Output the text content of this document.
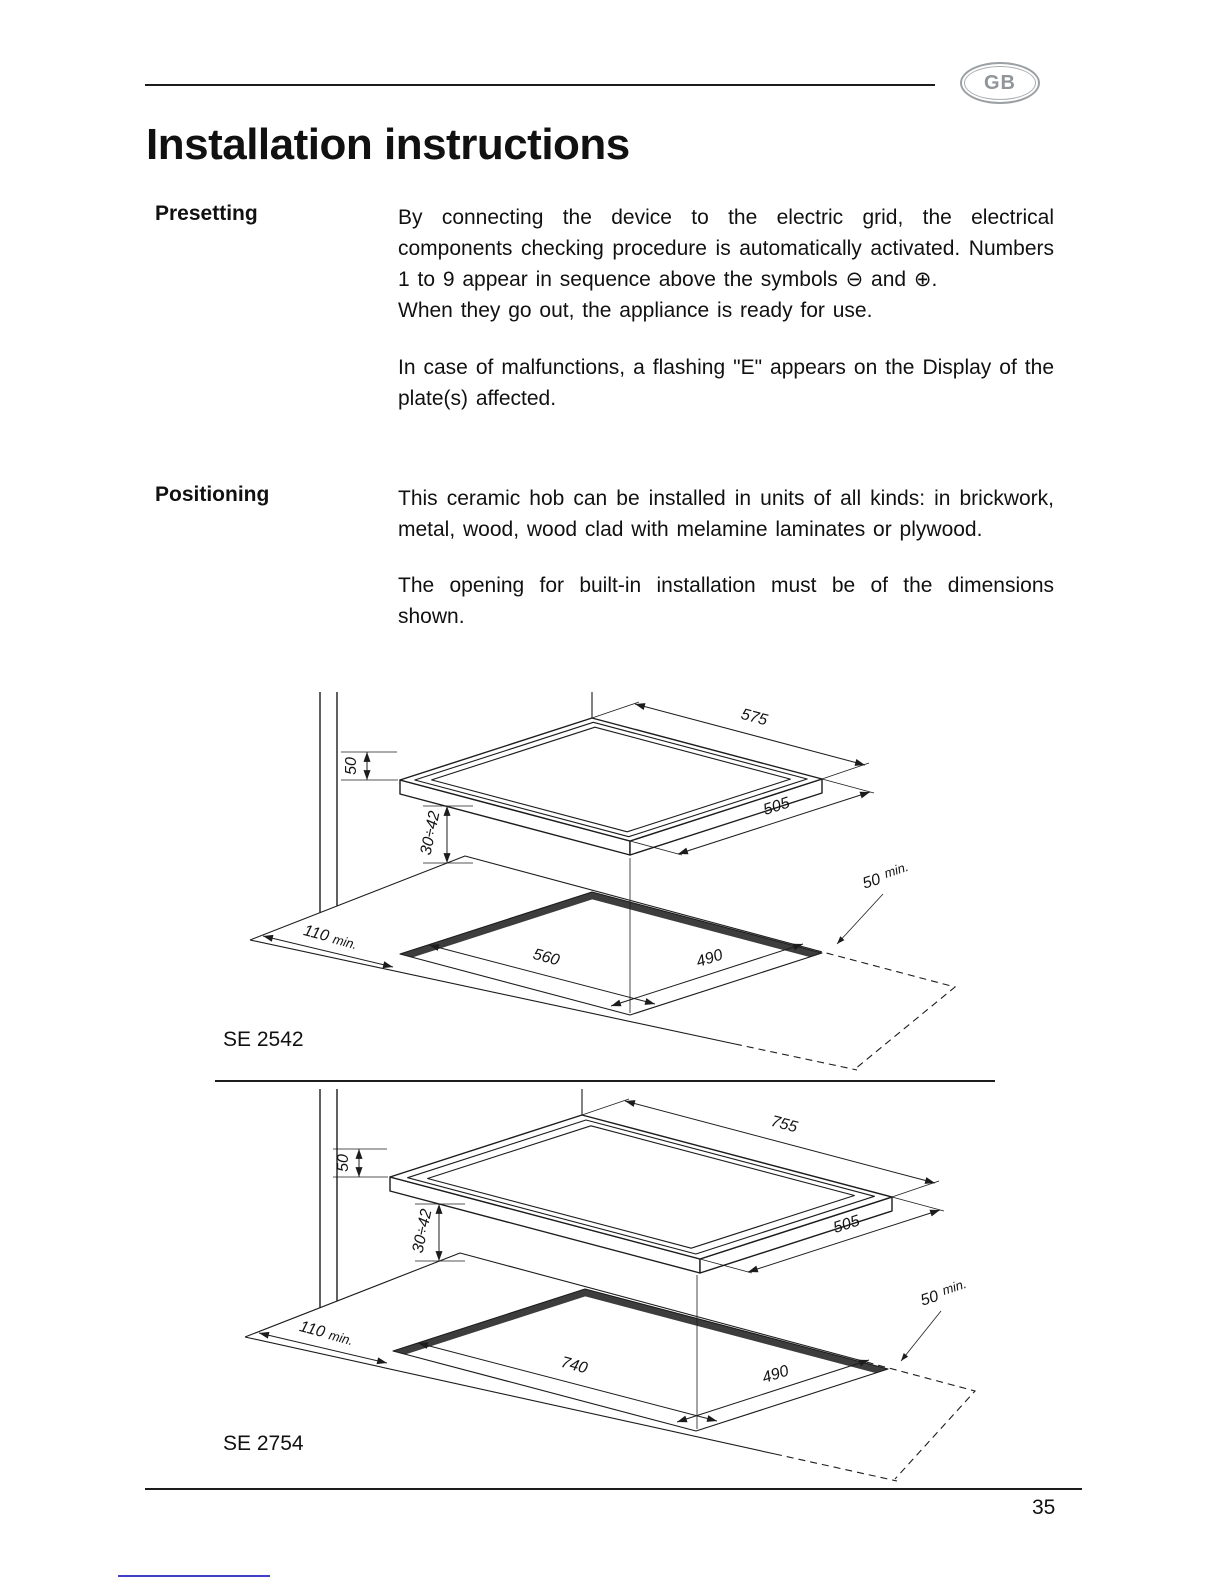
GB
Installation instructions
Presetting	By connecting the device to the electric grid, the electrical components checking procedure is automatically activated. Numbers 1 to 9 appear in sequence above the symbols ⊖ and ⊕.

When they go out, the appliance is ready for use.

In case of malfunctions, a flashing "E" appears on the Display of the plate(s) affected.

Positioning	This ceramic hob can be installed in units of all kinds: in brickwork, metal, wood, wood clad with melamine laminates or plywood.

The opening for built-in installation must be of the dimensions shown.

575
505
50
min.
560	490
110 min.
50
30÷42
SE 2542
755
505
50
min.
740	490
110 min.
50
30÷42
SE 2754
35
